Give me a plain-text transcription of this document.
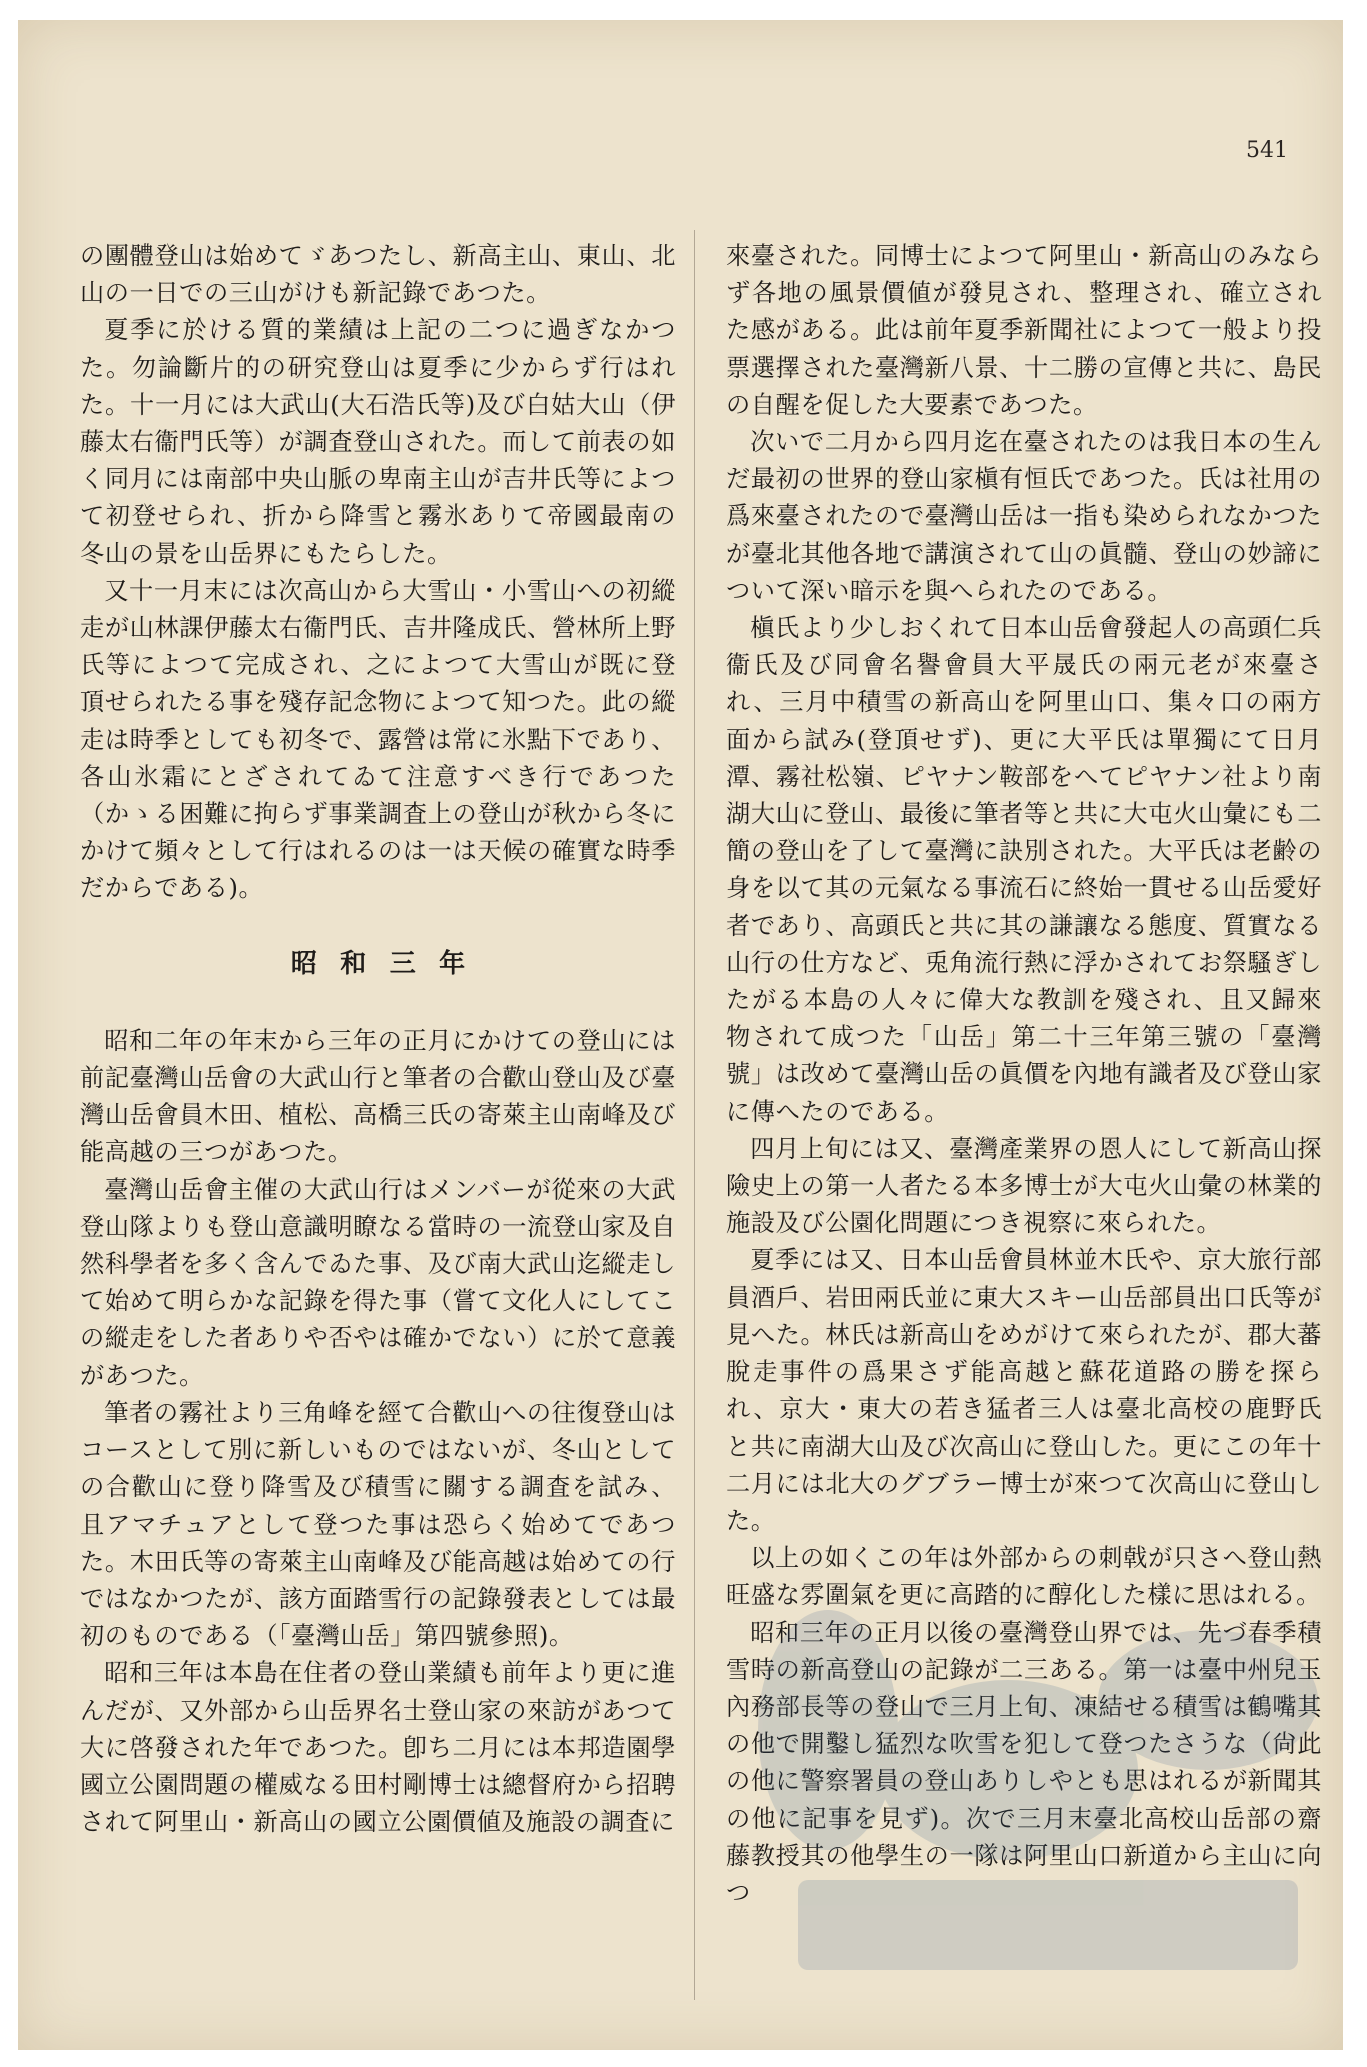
541

の團體登山は始めてゞあつたし、新高主山、東山、北山の一日での三山がけも新記錄であつた。

夏季に於ける質的業績は上記の二つに過ぎなかつた。勿論斷片的の研究登山は夏季に少からず行はれた。十一月には大武山(大石浩氏等)及び白姑大山（伊藤太右衞門氏等）が調査登山された。而して前表の如く同月には南部中央山脈の卑南主山が吉井氏等によつて初登せられ、折から降雪と霧氷ありて帝國最南の冬山の景を山岳界にもたらした。

又十一月末には次高山から大雪山・小雪山への初縱走が山林課伊藤太右衞門氏、吉井隆成氏、營林所上野氏等によつて完成され、之によつて大雪山が既に登頂せられたる事を殘存記念物によつて知つた。此の縱走は時季としても初冬で、露營は常に氷點下であり、各山氷霜にとざされてゐて注意すべき行であつた（かゝる困難に拘らず事業調査上の登山が秋から冬にかけて頻々として行はれるのは一は天候の確實な時季だからである)。

昭和三年

昭和二年の年末から三年の正月にかけての登山には前記臺灣山岳會の大武山行と筆者の合歡山登山及び臺灣山岳會員木田、植松、高橋三氏の寄萊主山南峰及び能高越の三つがあつた。

臺灣山岳會主催の大武山行はメンバーが從來の大武登山隊よりも登山意識明瞭なる當時の一流登山家及自然科學者を多く含んでゐた事、及び南大武山迄縱走して始めて明らかな記錄を得た事（嘗て文化人にしてこの縱走をした者ありや否やは確かでない）に於て意義があつた。

筆者の霧社より三角峰を經て合歡山への往復登山はコースとして別に新しいものではないが、冬山としての合歡山に登り降雪及び積雪に關する調査を試み、且アマチュアとして登つた事は恐らく始めてであつた。木田氏等の寄萊主山南峰及び能高越は始めての行ではなかつたが、該方面踏雪行の記錄發表としては最初のものである（「臺灣山岳」第四號參照)。

昭和三年は本島在住者の登山業績も前年より更に進んだが、又外部から山岳界名士登山家の來訪があつて大に啓發された年であつた。卽ち二月には本邦造園學國立公園問題の權威なる田村剛博士は總督府から招聘されて阿里山・新高山の國立公園價値及施設の調査に

來臺された。同博士によつて阿里山・新高山のみならず各地の風景價値が發見され、整理され、確立された感がある。此は前年夏季新聞社によつて一般より投票選擇された臺灣新八景、十二勝の宣傳と共に、島民の自醒を促した大要素であつた。

次いで二月から四月迄在臺されたのは我日本の生んだ最初の世界的登山家槇有恒氏であつた。氏は社用の爲來臺されたので臺灣山岳は一指も染められなかつたが臺北其他各地で講演されて山の眞髓、登山の妙諦について深い暗示を與へられたのである。

槇氏より少しおくれて日本山岳會發起人の高頭仁兵衞氏及び同會名譽會員大平晟氏の兩元老が來臺され、三月中積雪の新高山を阿里山口、集々口の兩方面から試み(登頂せず)、更に大平氏は單獨にて日月潭、霧社松嶺、ピヤナン鞍部をへてピヤナン社より南湖大山に登山、最後に筆者等と共に大屯火山彙にも二簡の登山を了して臺灣に訣別された。大平氏は老齢の身を以て其の元氣なる事流石に終始一貫せる山岳愛好者であり、高頭氏と共に其の謙讓なる態度、質實なる山行の仕方など、兎角流行熱に浮かされてお祭騷ぎしたがる本島の人々に偉大な教訓を殘され、且又歸來物されて成つた「山岳」第二十三年第三號の「臺灣號」は改めて臺灣山岳の眞價を內地有識者及び登山家に傳へたのである。

四月上旬には又、臺灣產業界の恩人にして新高山探險史上の第一人者たる本多博士が大屯火山彙の林業的施設及び公園化問題につき視察に來られた。

夏季には又、日本山岳會員林並木氏や、京大旅行部員酒戶、岩田兩氏並に東大スキー山岳部員出口氏等が見へた。林氏は新高山をめがけて來られたが、郡大蕃脫走事件の爲果さず能高越と蘇花道路の勝を探られ、京大・東大の若き猛者三人は臺北高校の鹿野氏と共に南湖大山及び次高山に登山した。更にこの年十二月には北大のグブラー博士が來つて次高山に登山した。

以上の如くこの年は外部からの刺戟が只さへ登山熱旺盛な雰圍氣を更に高踏的に醇化した樣に思はれる。

昭和三年の正月以後の臺灣登山界では、先づ春季積雪時の新高登山の記錄が二三ある。第一は臺中州兒玉內務部長等の登山で三月上旬、凍結せる積雪は鶴嘴其の他で開鑿し猛烈な吹雪を犯して登つたさうな（尙此の他に警察署員の登山ありしやとも思はれるが新聞其の他に記事を見ず)。次で三月末臺北高校山岳部の齋藤教授其の他學生の一隊は阿里山口新道から主山に向つ
